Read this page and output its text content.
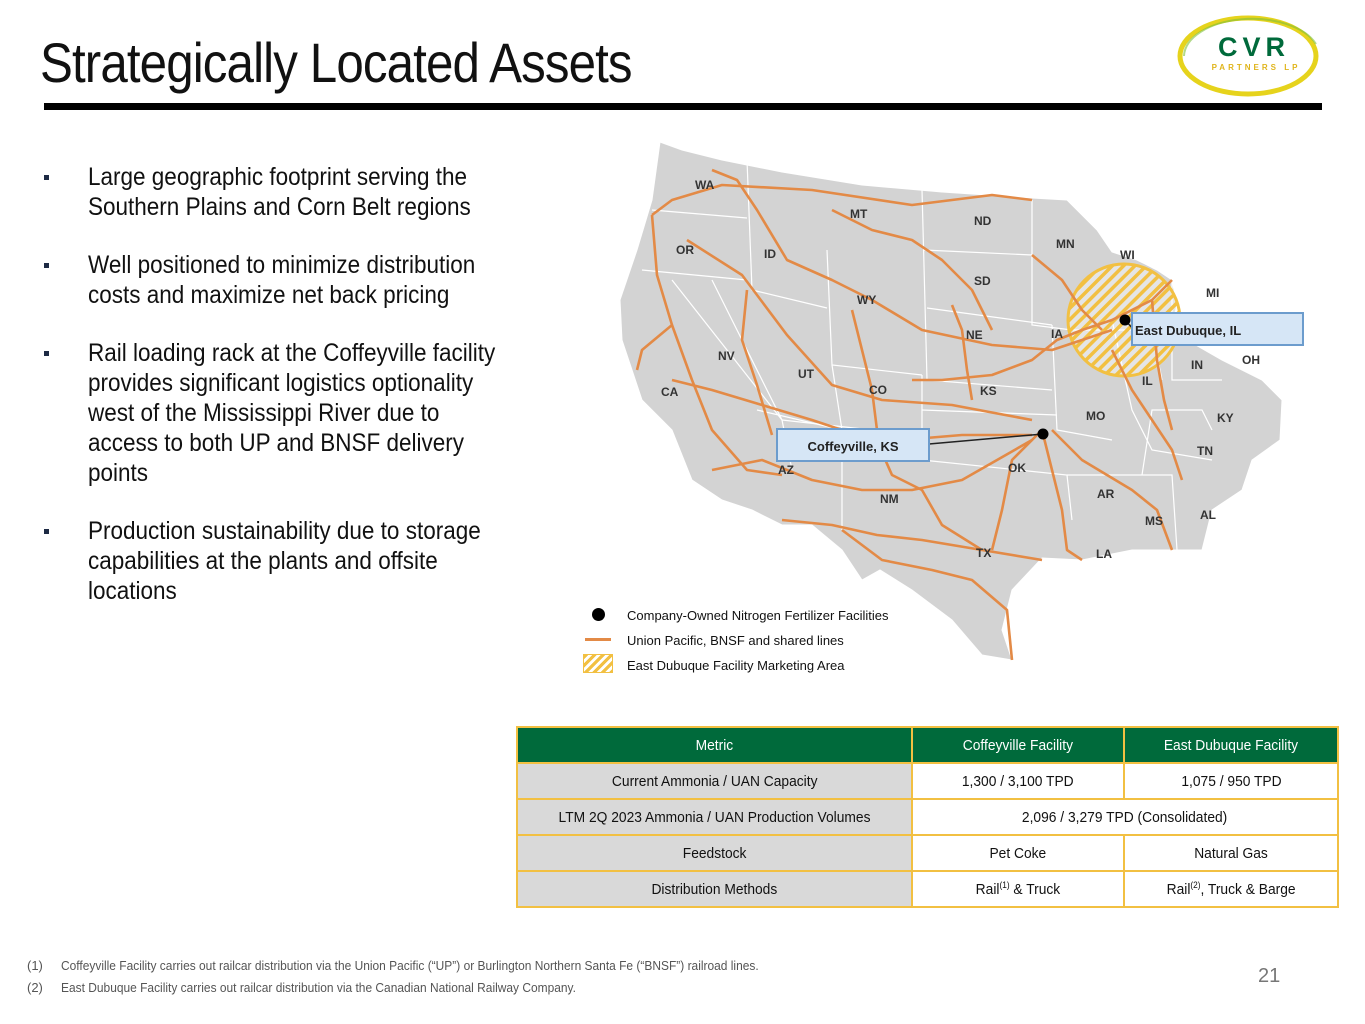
Strategically Located Assets	CVR
PARTNERS LP
Large geographic footprint serving the Southern Plains and Corn Belt regions
Well positioned to minimize distribution costs and maximize net back pricing
Rail loading rack at the Coffeyville facility provides significant logistics optionality west of the Mississippi River due to access to both UP and BNSF delivery points
Production sustainability due to storage capabilities at the plants and offsite locations
WA
OR
CA
ID
NV
MT
WY
UT
AZ
CO
NM
ND
SD
NE
KS
OK
TX
MN
IA
MO
AR
LA
WI
IL
MS
MI
IN	OH
KY
TN
AL
East Dubuque, IL
Coffeyville, KS
Company-Owned Nitrogen Fertilizer Facilities
Union Pacific, BNSF and shared lines
East Dubuque Facility Marketing Area
Metric	Coffeyville Facility	East Dubuque Facility
Current Ammonia / UAN Capacity	1,300 / 3,100 TPD	1,075 / 950 TPD
LTM 2Q 2023 Ammonia / UAN Production Volumes	2,096 / 3,279 TPD (Consolidated)	
Feedstock	Pet Coke	Natural Gas
Distribution Methods	Rail$^{(1)}$ & Truck	Rail$^{(2)}$, Truck & Barge
(1) Coffeyville Facility carries out railcar distribution via the Union Pacific (“UP”) or Burlington Northern Santa Fe (“BNSF”) railroad lines.
(2) East Dubuque Facility carries out railcar distribution via the Canadian National Railway Company.
21
